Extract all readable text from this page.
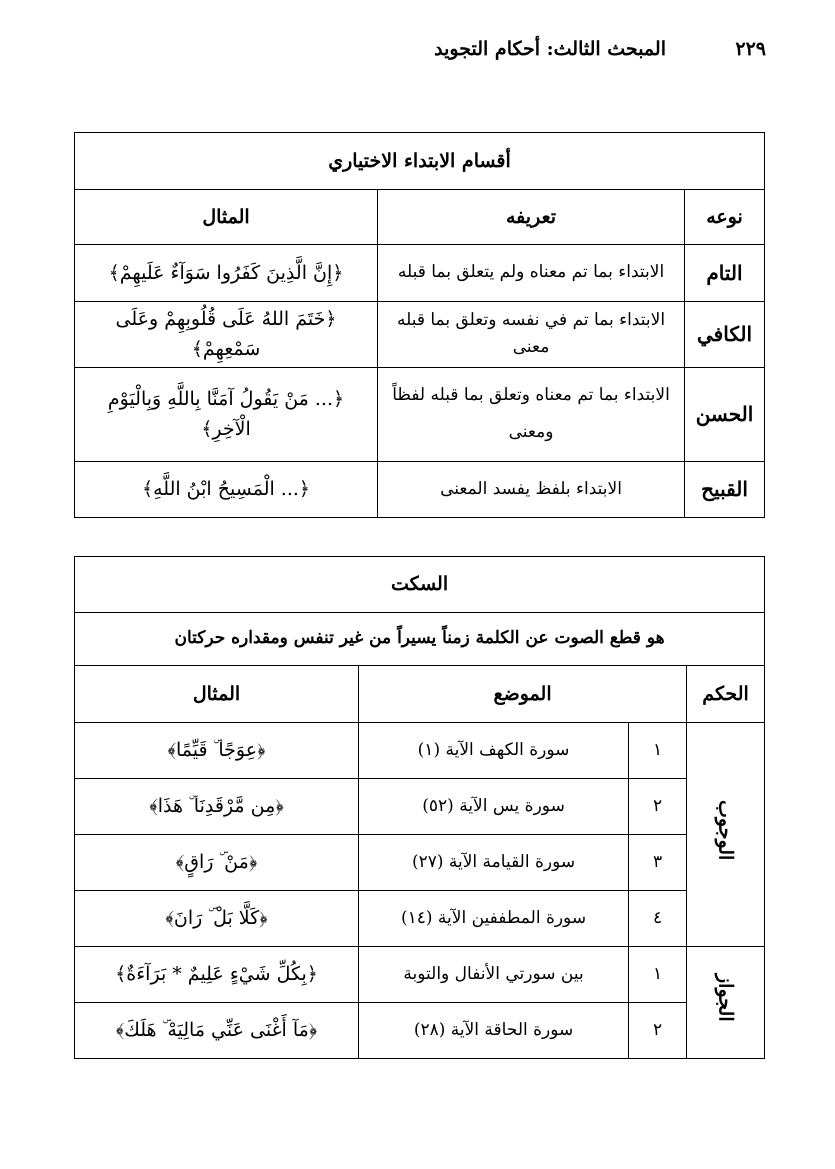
المبحث الثالث: أحكام التجويد	٢٢٩
أقسام الابتداء الاختياري		
نوعه	تعريفه	المثال
التام	الابتداء بما تم معناه ولم يتعلق بما قبله	﴿إِنَّ الَّذِينَ كَفَرُوا سَوَآءٌ عَلَيهِمْ﴾
الكافي	الابتداء بما تم في نفسه وتعلق بما قبله معنى	﴿خَتَمَ اللهُ عَلَى قُلُوبِهِمْ وعَلَى سَمْعِهِمْ﴾
الحسن	الابتداء بما تم معناه وتعلق بما قبله لفظاً ومعنى	﴿... مَنْ يَقُولُ آمَنَّا بِاللَّهِ وَبِالْيَوْمِ الْآخِرِ﴾
القبيح	الابتداء بلفظ يفسد المعنى	﴿... الْمَسِيحُ ابْنُ اللَّهِ﴾
السكت			
هو قطع الصوت عن الكلمة زمناً يسيراً من غير تنفس ومقداره حركتان			
الحكم	الموضع		المثال
الوجوب	١	سورة الكهف الآية (١)	﴿عِوَجًا ۜ قَيِّمًا﴾
	٢	سورة يس الآية (٥٢)	﴿مِن مَّرْقَدِنَا ۜ هَذَا﴾
	٣	سورة القيامة الآية (٢٧)	﴿مَنْ ۜ رَاقٍ﴾
	٤	سورة المطففين الآية (١٤)	﴿كَلَّا بَلْ ۜ رَانَ﴾
الجواز	١	بين سورتي الأنفال والتوبة	﴿بِكُلِّ شَيْءٍ عَلِيمٌ * بَرَآءَةٌ﴾
	٢	سورة الحاقة الآية (٢٨)	﴿مَآ أَغْنَى عَنِّي مَالِيَهْ ۜ هَلَكَ﴾
